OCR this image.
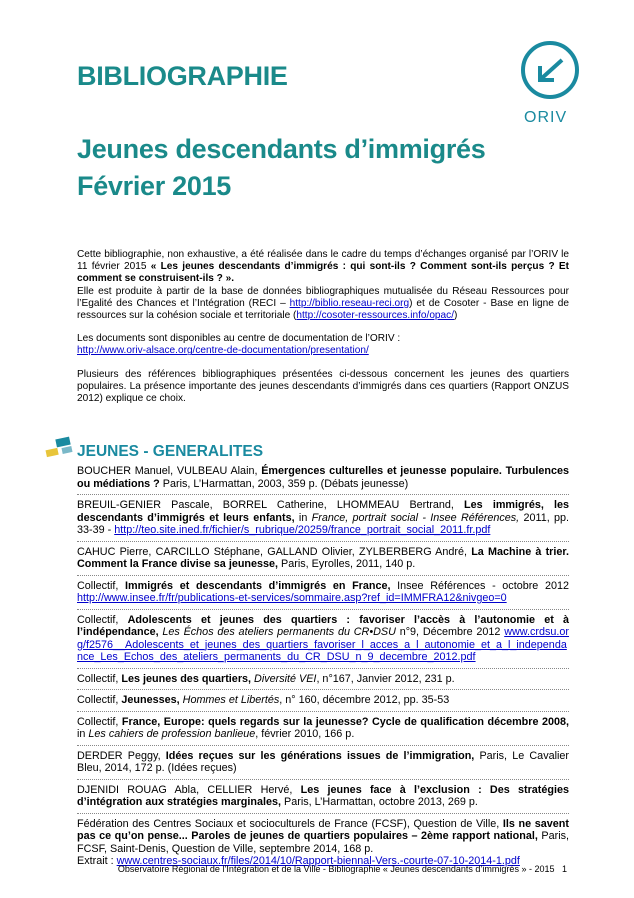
BIBLIOGRAPHIE
Jeunes descendants d’immigrés
Février 2015
ORIV

Cette bibliographie, non exhaustive, a été réalisée dans le cadre du temps d’échanges organisé par l’ORIV le 11 février 2015 « Les jeunes descendants d’immigrés : qui sont-ils ? Comment sont-ils perçus ? Et comment se construisent-ils ? ».
Elle est produite à partir de la base de données bibliographiques mutualisée du Réseau Ressources pour l’Egalité des Chances et l’Intégration (RECI – http://biblio.reseau-reci.org) et de Cosoter - Base en ligne de ressources sur la cohésion sociale et territoriale (http://cosoter-ressources.info/opac/)

Les documents sont disponibles au centre de documentation de l’ORIV :
http://www.oriv-alsace.org/centre-de-documentation/presentation/

Plusieurs des références bibliographiques présentées ci-dessous concernent les jeunes des quartiers populaires. La présence importante des jeunes descendants d’immigrés dans ces quartiers (Rapport ONZUS 2012) explique ce choix.

JEUNES - GENERALITES
BOUCHER Manuel, VULBEAU Alain, Émergences culturelles et jeunesse populaire. Turbulences ou médiations ? Paris, L’Harmattan, 2003, 359 p. (Débats jeunesse)
BREUIL-GENIER Pascale, BORREL Catherine, LHOMMEAU Bertrand, Les immigrés, les descendants d’immigrés et leurs enfants, in France, portrait social - Insee Références, 2011, pp. 33-39 - http://teo.site.ined.fr/fichier/s_rubrique/20259/france_portrait_social_2011.fr.pdf
CAHUC Pierre, CARCILLO Stéphane, GALLAND Olivier, ZYLBERBERG André, La Machine à trier. Comment la France divise sa jeunesse, Paris, Eyrolles, 2011, 140 p.
Collectif, Immigrés et descendants d’immigrés en France, Insee Références - octobre 2012 http://www.insee.fr/fr/publications-et-services/sommaire.asp?ref_id=IMMFRA12&nivgeo=0
Collectif, Adolescents et jeunes des quartiers : favoriser l’accès à l’autonomie et à l’indépendance, Les Échos des ateliers permanents du CR•DSU n°9, Décembre 2012 www.crdsu.org/f2576__Adolescents_et_jeunes_des_quartiers_favoriser_l_acces_a_l_autonomie_et_a_l_independance_Les_Echos_des_ateliers_permanents_du_CR_DSU_n_9_decembre_2012.pdf
Collectif, Les jeunes des quartiers, Diversité VEI, n°167, Janvier 2012, 231 p.
Collectif, Jeunesses, Hommes et Libertés, n° 160, décembre 2012, pp. 35-53
Collectif, France, Europe: quels regards sur la jeunesse? Cycle de qualification décembre 2008, in Les cahiers de profession banlieue, février 2010, 166 p.
DERDER Peggy, Idées reçues sur les générations issues de l’immigration, Paris, Le Cavalier Bleu, 2014, 172 p. (Idées reçues)
DJENIDI ROUAG Abla, CELLIER Hervé, Les jeunes face à l’exclusion : Des stratégies d’intégration aux stratégies marginales, Paris, L’Harmattan, octobre 2013, 269 p.
Fédération des Centres Sociaux et socioculturels de France (FCSF), Question de Ville, Ils ne savent pas ce qu’on pense... Paroles de jeunes de quartiers populaires – 2ème rapport national, Paris, FCSF, Saint-Denis, Question de Ville, septembre 2014, 168 p.
Extrait : www.centres-sociaux.fr/files/2014/10/Rapport-biennal-Vers.-courte-07-10-2014-1.pdf
Observatoire Régional de l’Intégration et de la Ville - Bibliographie « Jeunes descendants d’immigrés » - 2015 1
